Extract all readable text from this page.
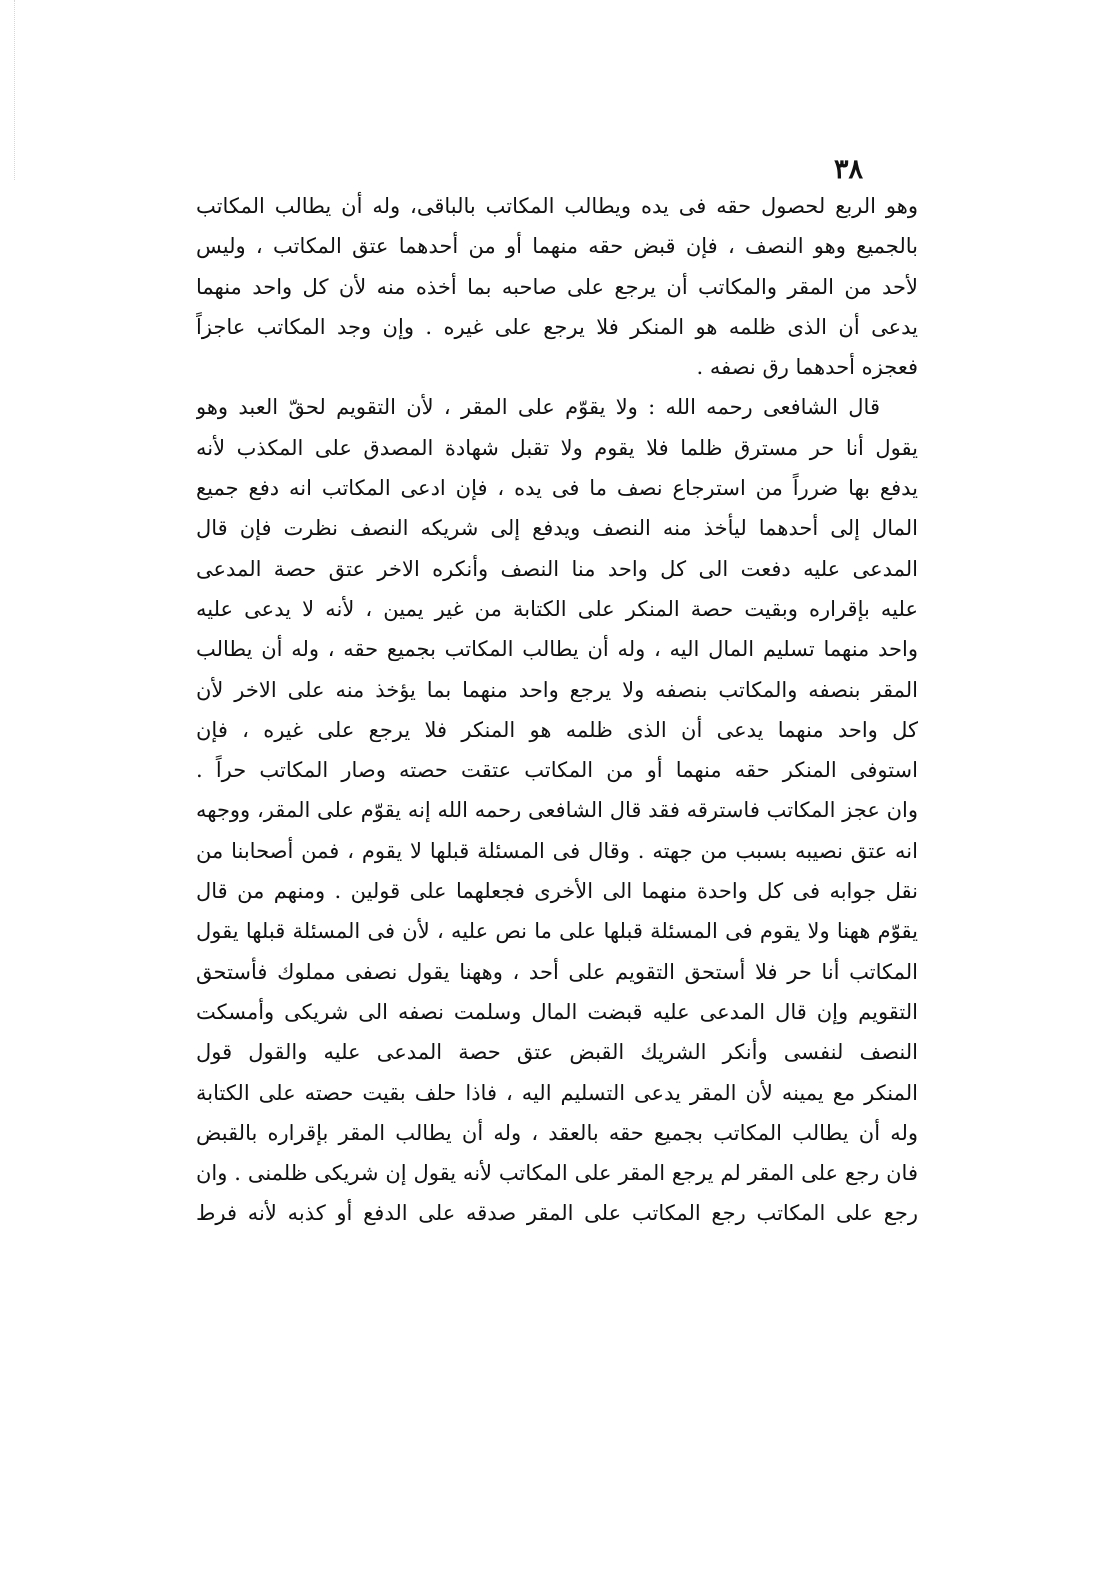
٣٨
وهو الربع لحصول حقه فى يده ويطالب المكاتب بالباقى، وله أن يطالب المكاتب
بالجميع وهو النصف ، فإن قبض حقه منهما أو من أحدهما عتق المكاتب ، وليس
لأحد من المقر والمكاتب أن يرجع على صاحبه بما أخذه منه لأن كل واحد منهما
يدعى أن الذى ظلمه هو المنكر فلا يرجع على غيره . وإن وجد المكاتب عاجزاً
فعجزه أحدهما رق نصفه .
قال الشافعى رحمه الله : ولا يقوّم على المقر ، لأن التقويم لحقّ العبد وهو
يقول أنا حر مسترق ظلما فلا يقوم ولا تقبل شهادة المصدق على المكذب لأنه
يدفع بها ضرراً من استرجاع نصف ما فى يده ، فإن ادعى المكاتب انه دفع جميع
المال إلى أحدهما ليأخذ منه النصف ويدفع إلى شريكه النصف نظرت فإن قال
المدعى عليه دفعت الى كل واحد منا النصف وأنكره الاخر عتق حصة المدعى
عليه بإقراره وبقيت حصة المنكر على الكتابة من غير يمين ، لأنه لا يدعى عليه
واحد منهما تسليم المال اليه ، وله أن يطالب المكاتب بجميع حقه ، وله أن يطالب
المقر بنصفه والمكاتب بنصفه ولا يرجع واحد منهما بما يؤخذ منه على الاخر لأن
كل واحد منهما يدعى أن الذى ظلمه هو المنكر فلا يرجع على غيره ، فإن
استوفى المنكر حقه منهما أو من المكاتب عتقت حصته وصار المكاتب حراً .
وان عجز المكاتب فاسترقه فقد قال الشافعى رحمه الله إنه يقوّم على المقر، ووجهه
انه عتق نصيبه بسبب من جهته . وقال فى المسئلة قبلها لا يقوم ، فمن أصحابنا من
نقل جوابه فى كل واحدة منهما الى الأخرى فجعلهما على قولين . ومنهم من قال
يقوّم ههنا ولا يقوم فى المسئلة قبلها على ما نص عليه ، لأن فى المسئلة قبلها يقول
المكاتب أنا حر فلا أستحق التقويم على أحد ، وههنا يقول نصفى مملوك فأستحق
التقويم وإن قال المدعى عليه قبضت المال وسلمت نصفه الى شريكى وأمسكت
النصف لنفسى وأنكر الشريك القبض عتق حصة المدعى عليه والقول قول
المنكر مع يمينه لأن المقر يدعى التسليم اليه ، فاذا حلف بقيت حصته على الكتابة
وله أن يطالب المكاتب بجميع حقه بالعقد ، وله أن يطالب المقر بإقراره بالقبض
فان رجع على المقر لم يرجع المقر على المكاتب لأنه يقول إن شريكى ظلمنى . وان
رجع على المكاتب رجع المكاتب على المقر صدقه على الدفع أو كذبه لأنه فرط
